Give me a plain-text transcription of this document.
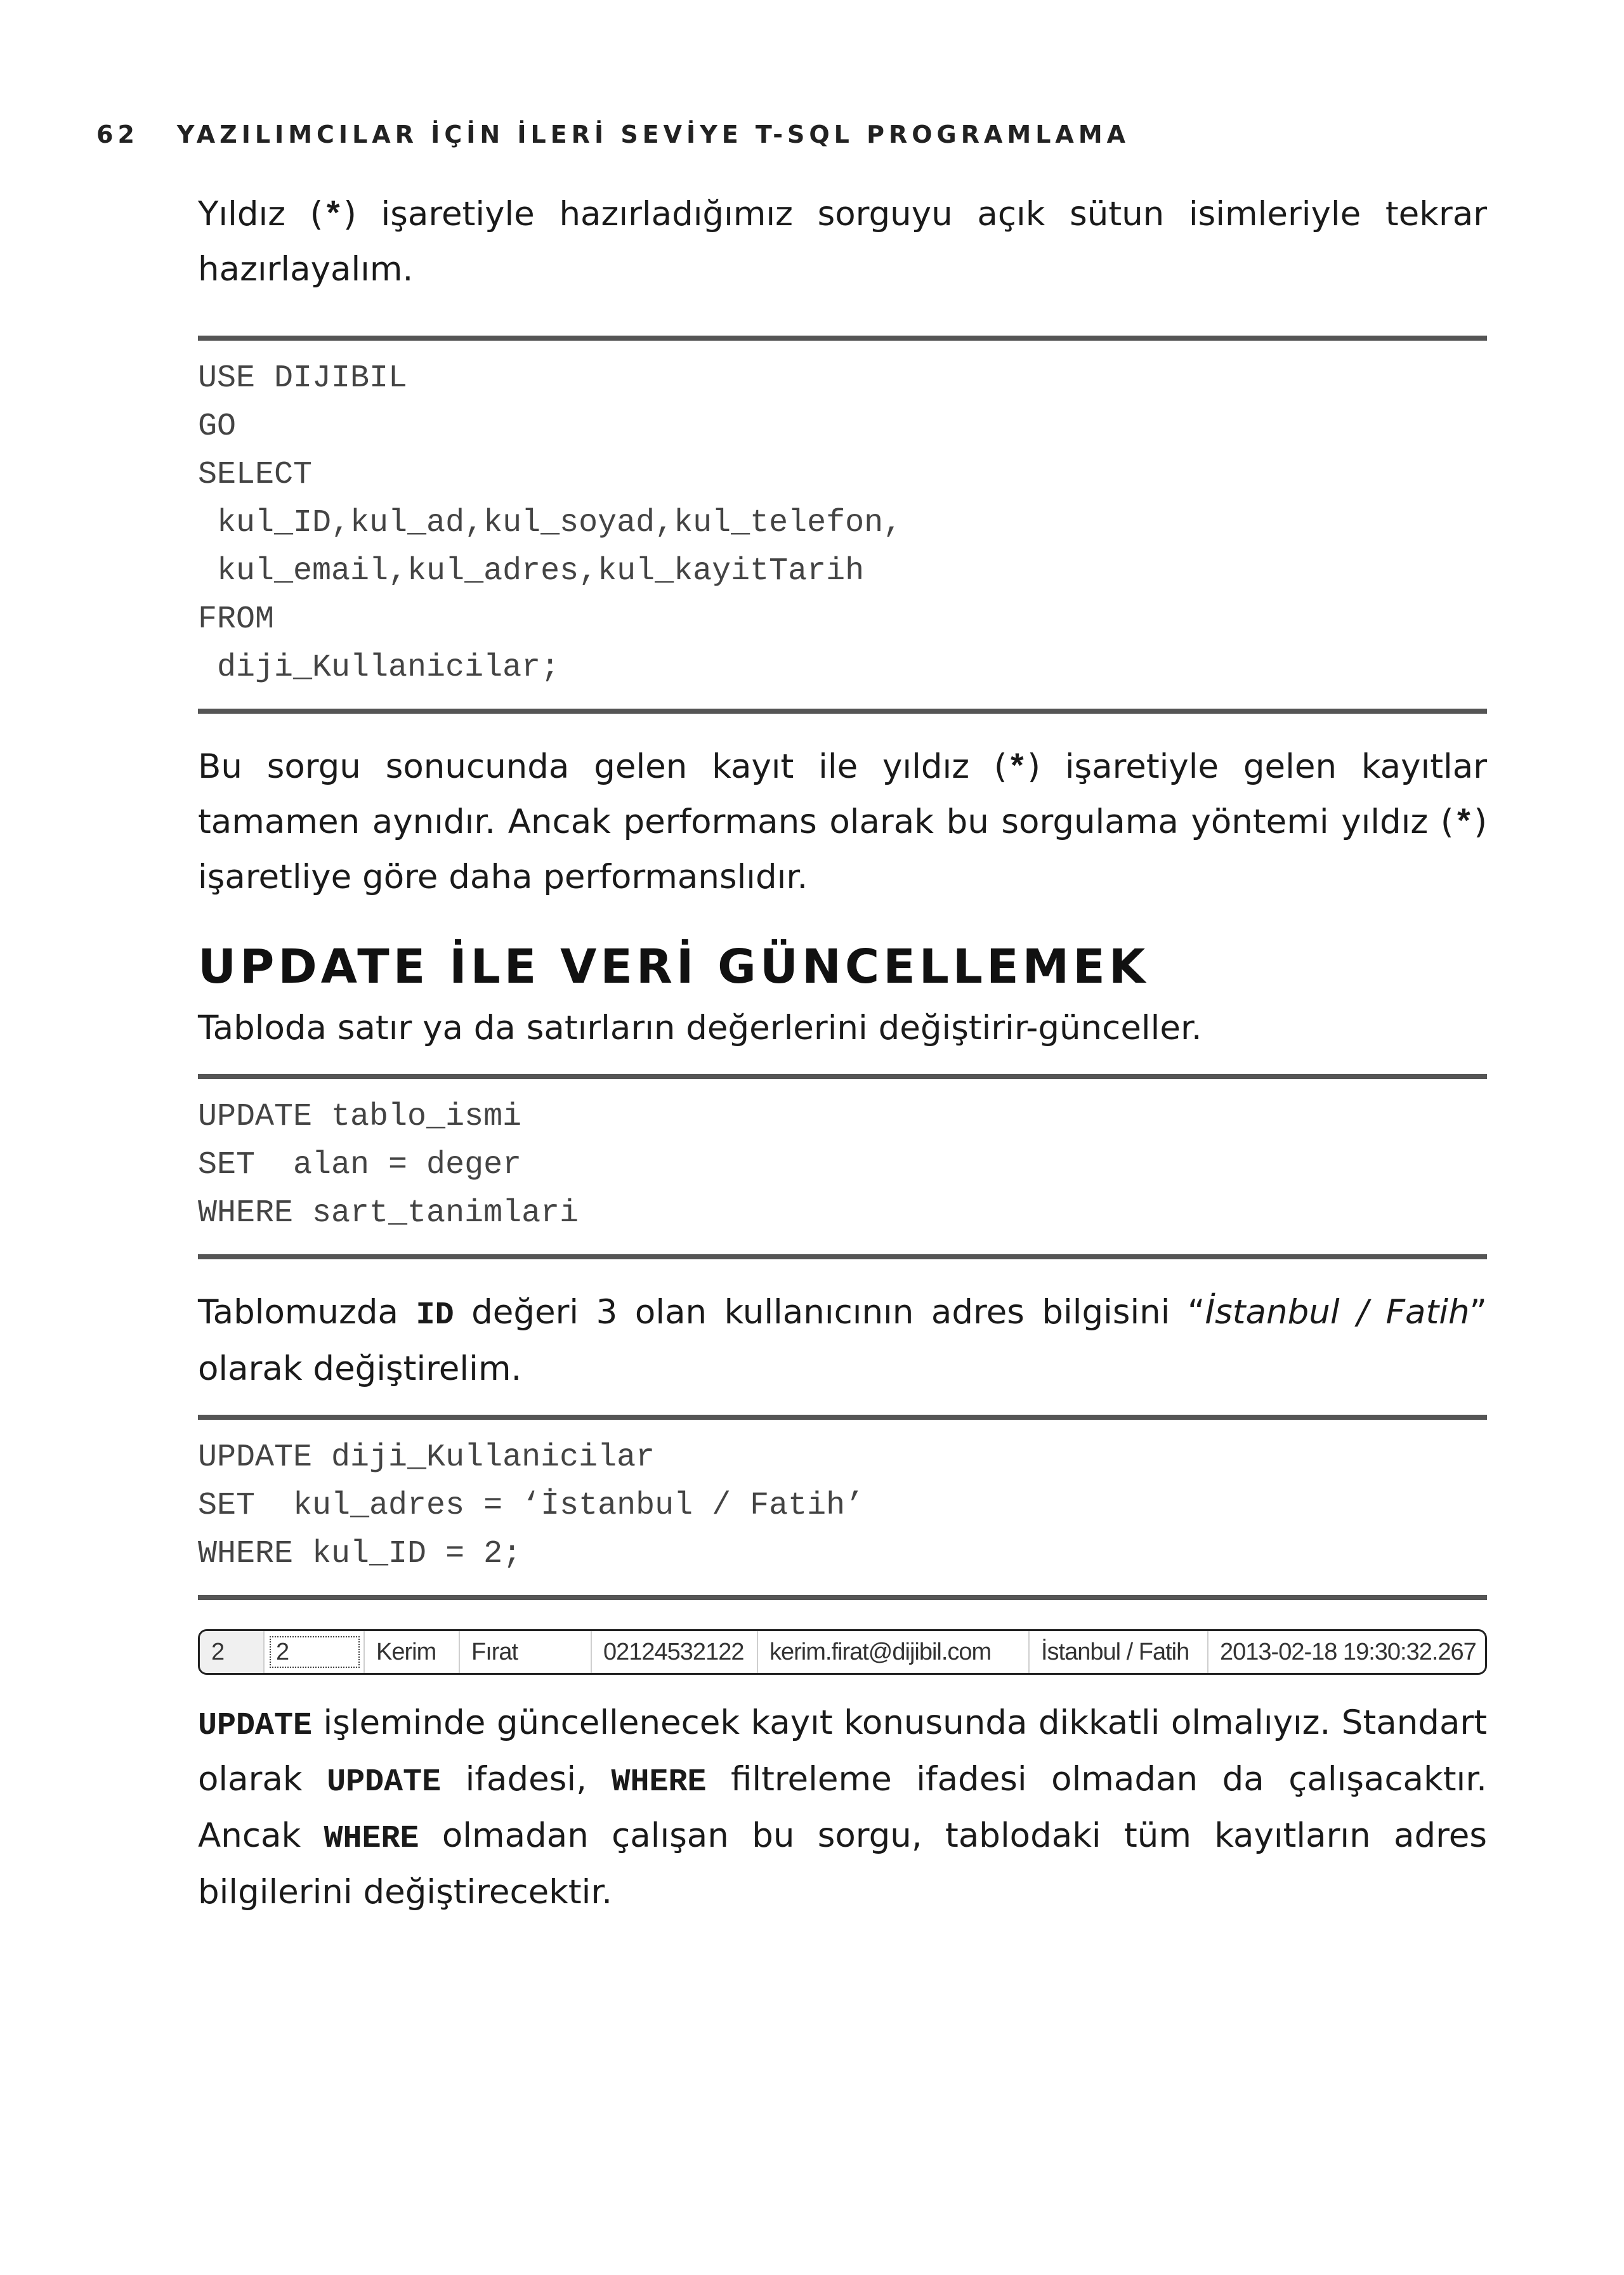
62 YAZILIMCILAR İÇİN İLERİ SEVİYE T-SQL PROGRAMLAMA

Yıldız (*) işaretiyle hazırladığımız sorguyu açık sütun isimleriyle tekrar hazırlayalım.

USE DIJIBIL
GO
SELECT
kul_ID,kul_ad,kul_soyad,kul_telefon,
kul_email,kul_adres,kul_kayitTarih
FROM
diji_Kullanicilar;

Bu sorgu sonucunda gelen kayıt ile yıldız (*) işaretiyle gelen kayıtlar tamamen aynıdır. Ancak performans olarak bu sorgulama yöntemi yıldız (*) işaretliye göre daha performanslıdır.

UPDATE İLE VERİ GÜNCELLEMEK

Tabloda satır ya da satırların değerlerini değiştirir-günceller.

UPDATE tablo_ismi
SET  alan = deger
WHERE sart_tanimlari

Tablomuzda ID değeri 3 olan kullanıcının adres bilgisini “İstanbul / Fatih” olarak değiştirelim.

UPDATE diji_Kullanicilar
SET  kul_adres = ‘İstanbul / Fatih’
WHERE kul_ID = 2;
2	2	Kerim	Fırat	02124532122	kerim.firat@dijibil.com	İstanbul / Fatih	2013-02-18 19:30:32.267

UPDATE işleminde güncellenecek kayıt konusunda dikkatli olmalıyız. Standart olarak UPDATE ifadesi, WHERE filtreleme ifadesi olmadan da çalışacaktır. Ancak WHERE olmadan çalışan bu sorgu, tablodaki tüm kayıtların adres bilgilerini değiştirecektir.
